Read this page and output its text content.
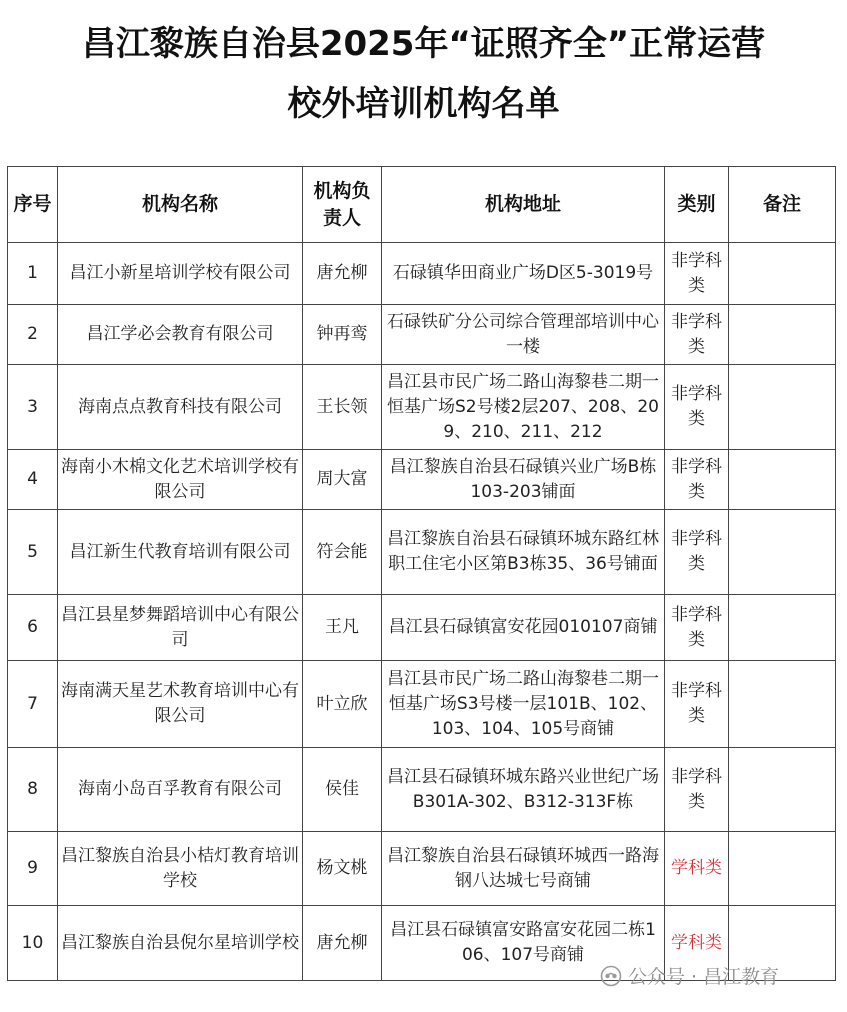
昌江黎族自治县2025年“证照齐全”正常运营
校外培训机构名单
序号	机构名称	机构负责人	机构地址	类别	备注
1	昌江小新星培训学校有限公司	唐允柳	石碌镇华田商业广场D区5-3019号	非学科类	
2	昌江学必会教育有限公司	钟再鸾	石碌铁矿分公司综合管理部培训中心一楼	非学科类	
3	海南点点教育科技有限公司	王长领	昌江县市民广场二路山海黎巷二期一恒基广场S2号楼2层207、208、209、210、211、212	非学科类	
4	海南小木棉文化艺术培训学校有限公司	周大富	昌江黎族自治县石碌镇兴业广场B栋103-203铺面	非学科类	
5	昌江新生代教育培训有限公司	符会能	昌江黎族自治县石碌镇环城东路红林职工住宅小区第B3栋35、36号铺面	非学科类	
6	昌江县星梦舞蹈培训中心有限公司	王凡	昌江县石碌镇富安花园010107商铺	非学科类	
7	海南满天星艺术教育培训中心有限公司	叶立欣	昌江县市民广场二路山海黎巷二期一恒基广场S3号楼一层101B、102、103、104、105号商铺	非学科类	
8	海南小岛百孚教育有限公司	侯佳	昌江县石碌镇环城东路兴业世纪广场B301A-302、B312-313F栋	非学科类	
9	昌江黎族自治县小桔灯教育培训学校	杨文桃	昌江黎族自治县石碌镇环城西一路海钢八达城七号商铺	学科类	
10	昌江黎族自治县倪尔星培训学校	唐允柳	昌江县石碌镇富安路富安花园二栋106、107号商铺	学科类	
公众号 · 昌江教育
